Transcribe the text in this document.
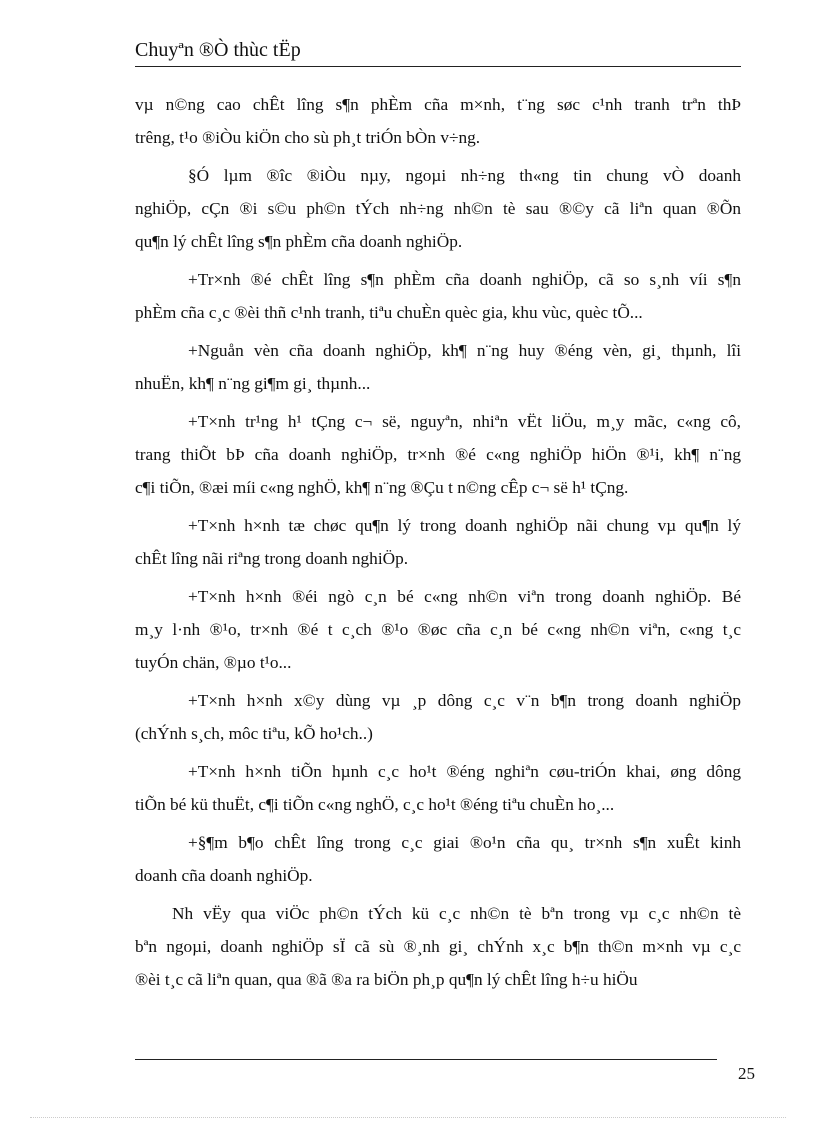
Chuyªn ®Ò thùc tËp

vµ n©ng cao chÊt lîng s¶n phÈm cña m×nh, t¨ng søc c¹nh tranh trªn thÞ
trêng, t¹o ®iÒu kiÖn cho sù ph¸t triÓn bÒn v÷ng.

§Ó lµm ®îc ®iÒu nµy, ngoµi nh÷ng th«ng tin chung vÒ doanh
nghiÖp, cÇn ®i s©u ph©n tÝch nh÷ng nh©n tè sau ®©y cã liªn quan ®Õn
qu¶n lý chÊt lîng s¶n phÈm cña doanh nghiÖp.

+Tr×nh ®é chÊt lîng s¶n phÈm cña doanh nghiÖp, cã so s¸nh víi s¶n
phÈm cña c¸c ®èi thñ c¹nh tranh, tiªu chuÈn quèc gia, khu vùc, quèc tÕ...

+Nguån vèn cña doanh nghiÖp, kh¶ n¨ng huy ®éng vèn, gi¸ thµnh, lîi
nhuËn, kh¶ n¨ng gi¶m gi¸ thµnh...

+T×nh tr¹ng h¹ tÇng c¬ së, nguyªn, nhiªn vËt liÖu, m¸y mãc, c«ng cô,
trang thiÕt bÞ cña doanh nghiÖp, tr×nh ®é c«ng nghiÖp hiÖn ®¹i, kh¶ n¨ng
c¶i tiÕn, ®æi míi c«ng nghÖ, kh¶ n¨ng ®Çu t n©ng cÊp c¬ së h¹ tÇng.

+T×nh h×nh tæ chøc qu¶n lý trong doanh nghiÖp nãi chung vµ qu¶n lý
chÊt lîng nãi riªng trong doanh nghiÖp.

+T×nh h×nh ®éi ngò c¸n bé c«ng nh©n viªn trong doanh nghiÖp. Bé
m¸y l·nh ®¹o, tr×nh ®é t c¸ch ®¹o ®øc cña c¸n bé c«ng nh©n viªn, c«ng t¸c
tuyÓn chän, ®µo t¹o...

+T×nh h×nh x©y dùng vµ ¸p dông c¸c v¨n b¶n trong doanh nghiÖp
(chÝnh s¸ch, môc tiªu, kÕ ho¹ch..)

+T×nh h×nh tiÕn hµnh c¸c ho¹t ®éng nghiªn cøu-triÓn khai, øng dông
tiÕn bé kü thuËt, c¶i tiÕn c«ng nghÖ, c¸c ho¹t ®éng tiªu chuÈn ho¸...

+§¶m b¶o chÊt lîng trong c¸c giai ®o¹n cña qu¸ tr×nh s¶n xuÊt kinh
doanh cña doanh nghiÖp.

Nh vËy qua viÖc ph©n tÝch kü c¸c nh©n tè bªn trong vµ c¸c nh©n tè
bªn ngoµi, doanh nghiÖp sÏ cã sù ®¸nh gi¸ chÝnh x¸c b¶n th©n m×nh vµ c¸c
®èi t¸c cã liªn quan, qua ®ã ®a ra biÖn ph¸p qu¶n lý chÊt lîng h÷u hiÖu

25
